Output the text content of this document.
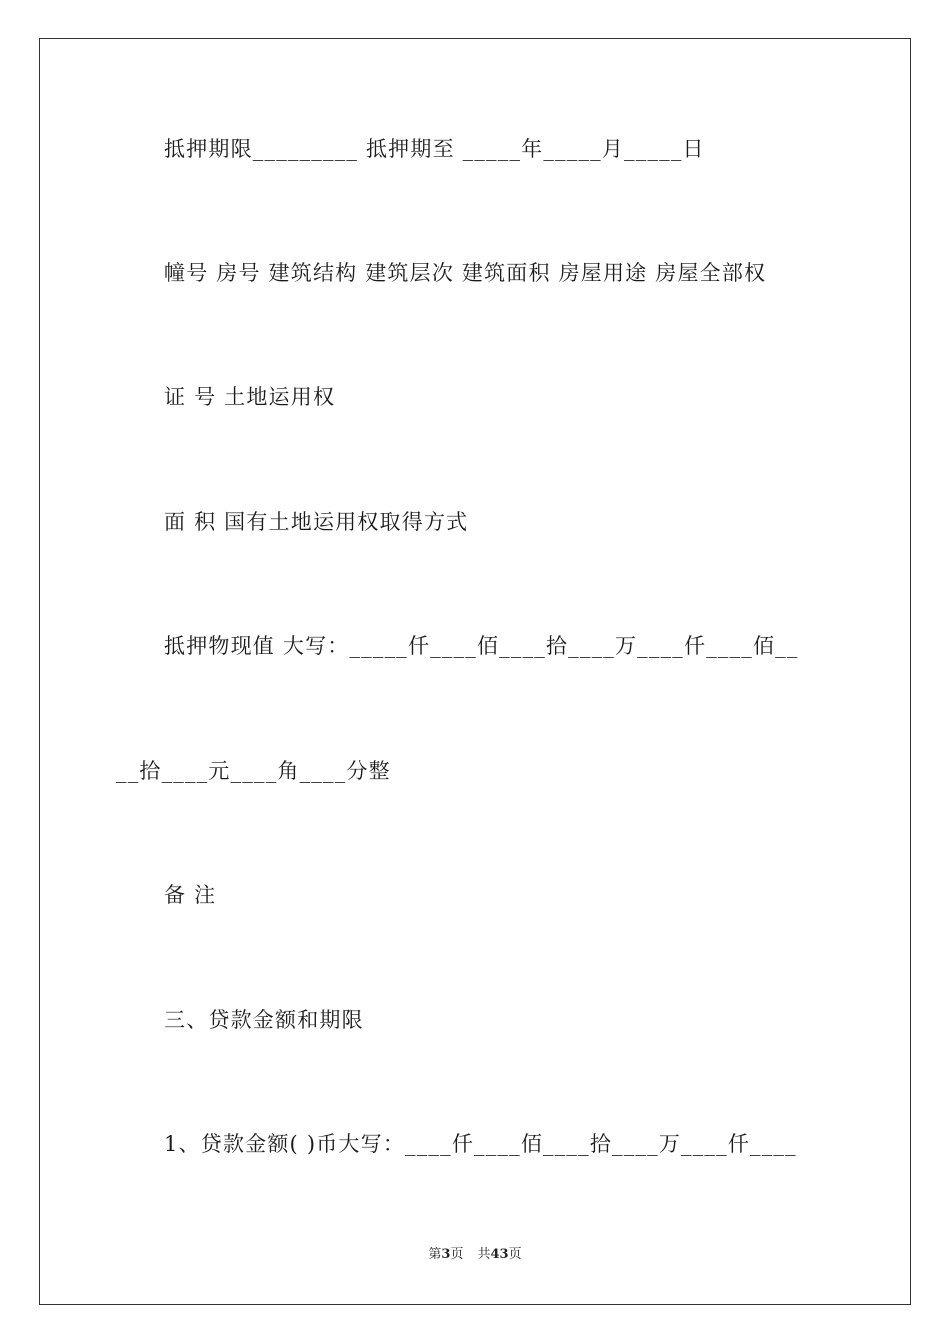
抵押期限_________ 抵押期至 _____年_____月_____日
幢号 房号 建筑结构 建筑层次 建筑面积 房屋用途 房屋全部权
证 号 土地运用权
面 积 国有土地运用权取得方式
抵押物现值 大写：_____仟____佰____拾____万____仟____佰__
__拾____元____角____分整
备 注
三、贷款金额和期限
1、贷款金额( )币大写：____仟____佰____拾____万____仟____
第3页 共43页
